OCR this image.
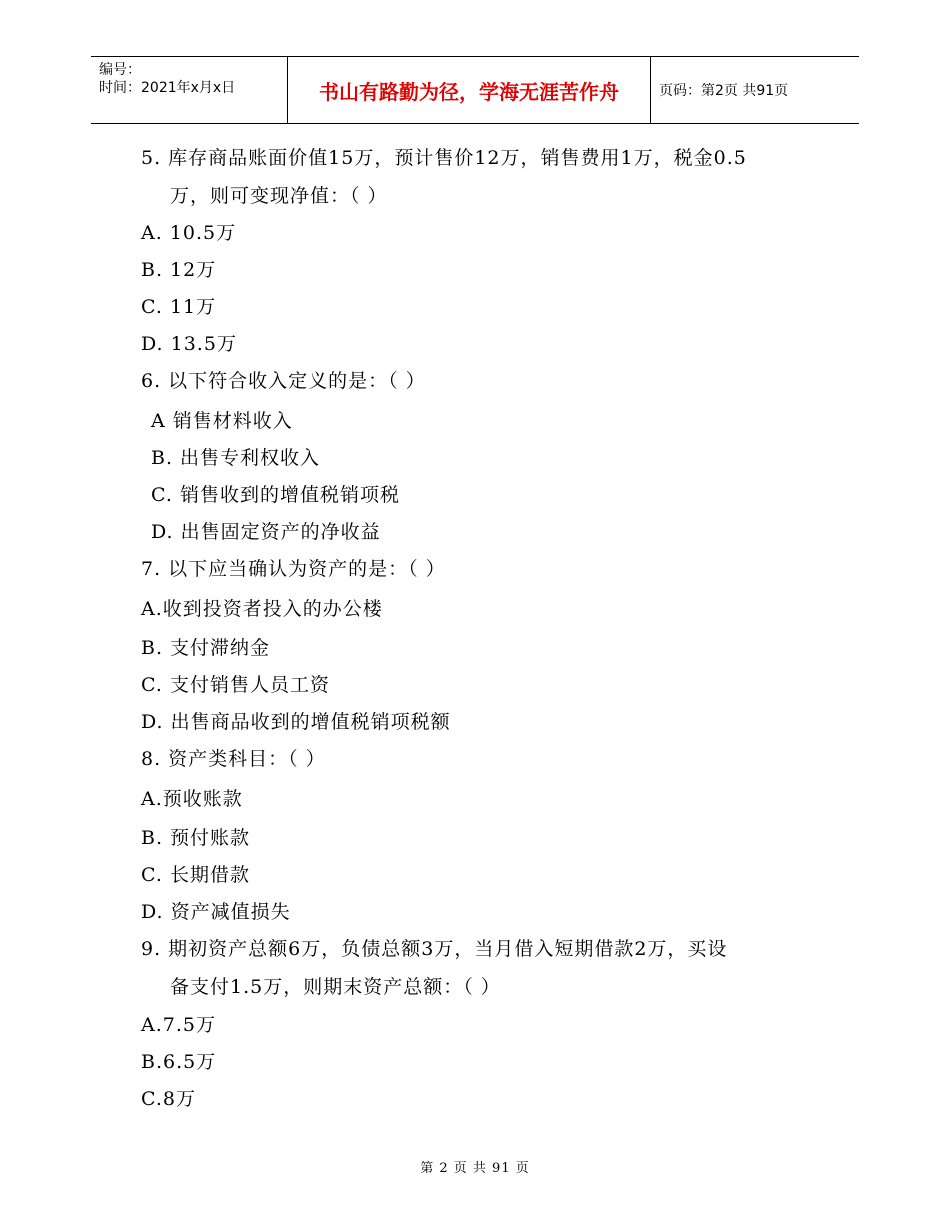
编号：
时间：2021年x月x日	书山有路勤为径，学海无涯苦作舟	页码：第2页 共91页
5. 库存商品账面价值15万，预计售价12万，销售费用1万，税金0.5
万，则可变现净值：（ ）
A. 10.5万
B. 12万
C. 11万
D. 13.5万
6. 以下符合收入定义的是：（ ）
A 销售材料收入
B. 出售专利权收入
C. 销售收到的增值税销项税
D. 出售固定资产的净收益
7. 以下应当确认为资产的是：（ ）
A.收到投资者投入的办公楼
B. 支付滞纳金
C. 支付销售人员工资
D. 出售商品收到的增值税销项税额
8. 资产类科目：（ ）
A.预收账款
B. 预付账款
C. 长期借款
D. 资产减值损失
9. 期初资产总额6万，负债总额3万，当月借入短期借款2万，买设
备支付1.5万，则期末资产总额：（ ）
A.7.5万
B.6.5万
C.8万
第 2 页 共 91 页
